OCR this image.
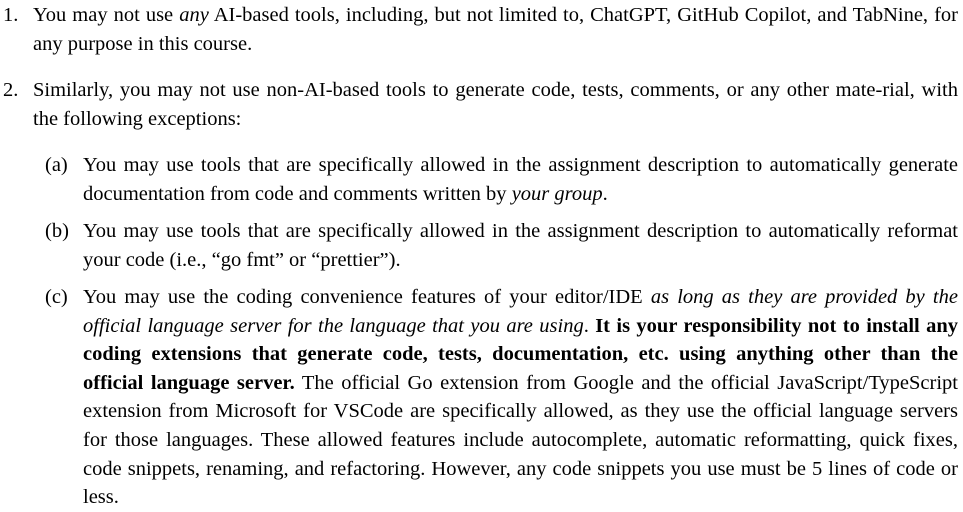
1. You may not use any AI-based tools, including, but not limited to, ChatGPT, GitHub Copilot, and TabNine, for any purpose in this course.
2. Similarly, you may not use non-AI-based tools to generate code, tests, comments, or any other mate-rial, with the following exceptions:
(a) You may use tools that are specifically allowed in the assignment description to automatically generate documentation from code and comments written by your group.
(b) You may use tools that are specifically allowed in the assignment description to automatically reformat your code (i.e., “go fmt” or “prettier”).
(c) You may use the coding convenience features of your editor/IDE as long as they are provided by the official language server for the language that you are using. It is your responsibility not to install any coding extensions that generate code, tests, documentation, etc. using anything other than the official language server. The official Go extension from Google and the official JavaScript/TypeScript extension from Microsoft for VSCode are specifically allowed, as they use the official language servers for those languages. These allowed features include autocomplete, automatic reformatting, quick fixes, code snippets, renaming, and refactoring. However, any code snippets you use must be 5 lines of code or less.
